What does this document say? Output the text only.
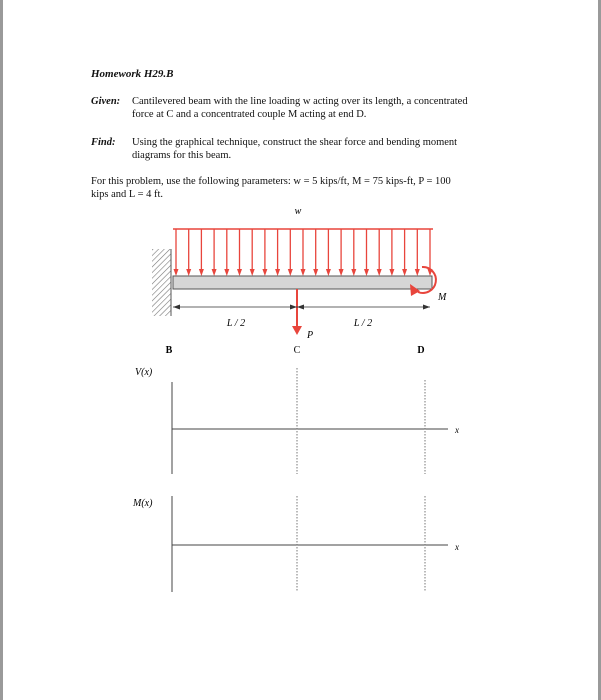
Homework H29.B
Given: Cantilevered beam with the line loading w acting over its length, a concentrated
force at C and a concentrated couple M acting at end D.
Find: Using the graphical technique, construct the shear force and bending moment
diagrams for this beam.
For this problem, use the following parameters: w = 5 kips/ft, M = 75 kips-ft, P = 100
kips and L = 4 ft.
w
M
P
L / 2	L / 2
B	C	D
V(x)
x
M(x)
x
